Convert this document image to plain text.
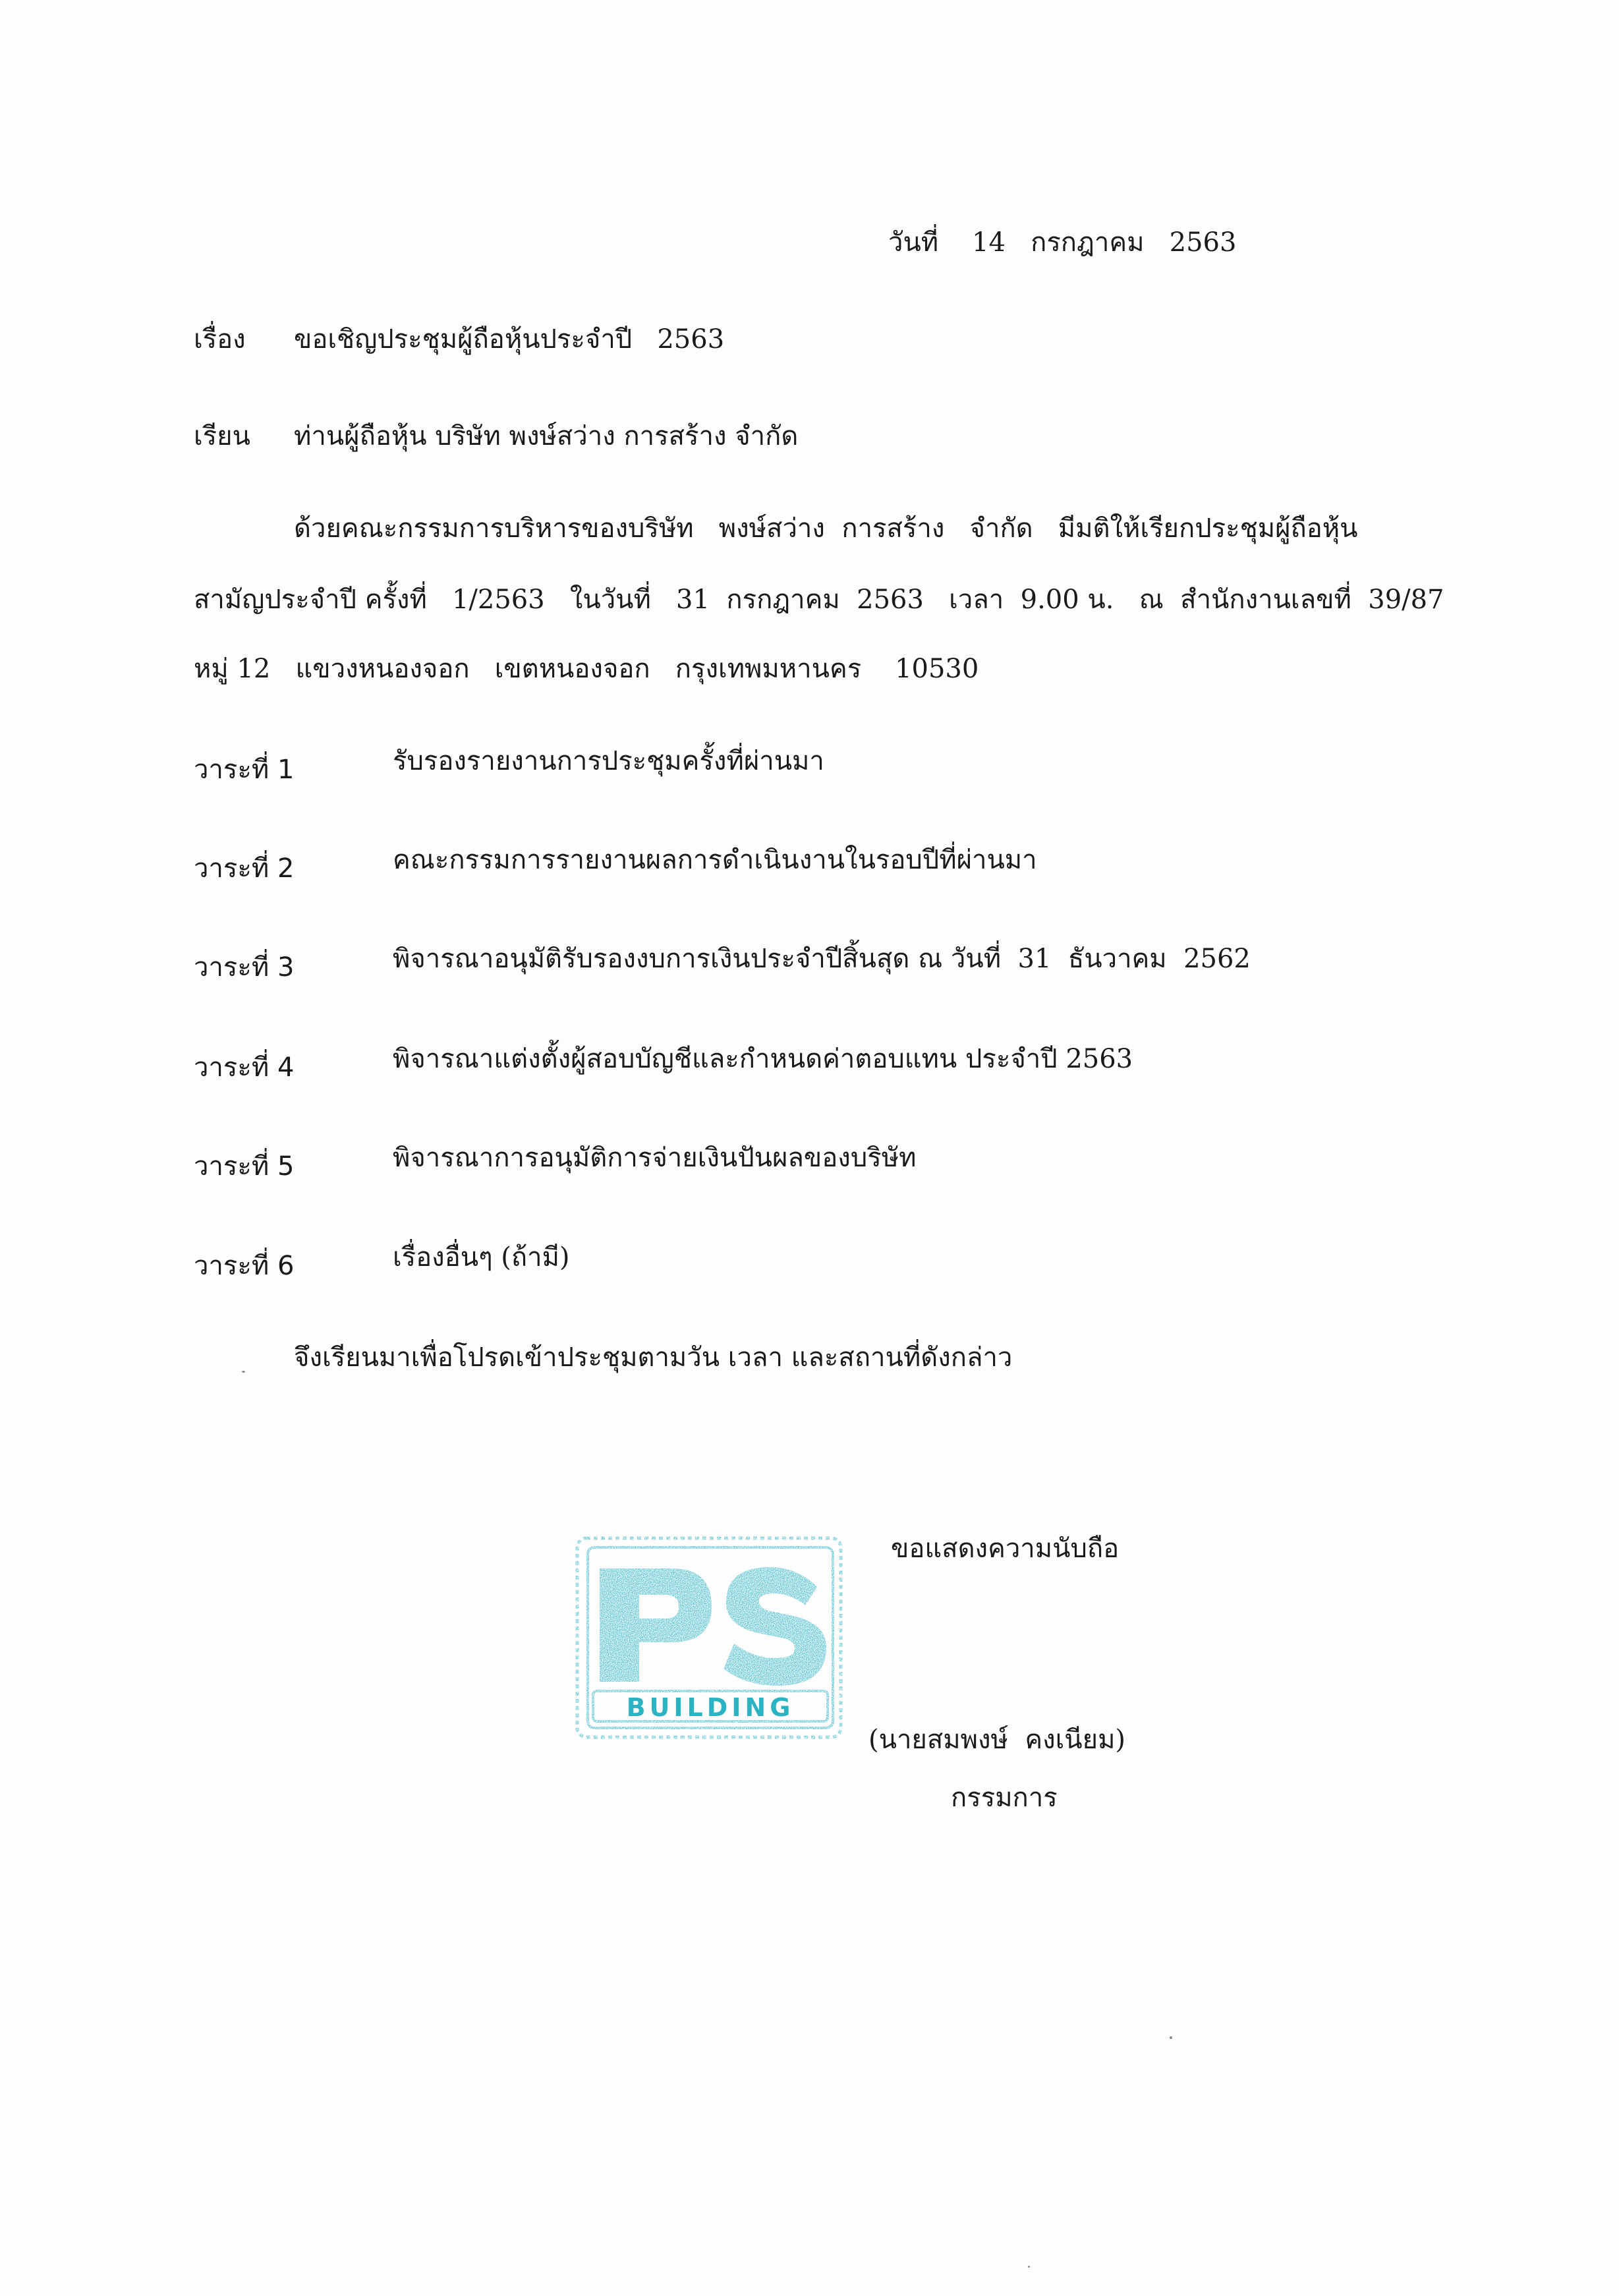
วันที่ 14 กรกฎาคม 2563
เรื่อง ขอเชิญประชุมผู้ถือหุ้นประจำปี 2563
เรียน ท่านผู้ถือหุ้น บริษัท พงษ์สว่าง การสร้าง จำกัด
ด้วยคณะกรรมการบริหารของบริษัท   พงษ์สว่าง  การสร้าง   จำกัด   มีมติให้เรียกประชุมผู้ถือหุ้น
สามัญประจำปี ครั้งที่   1/2563   ในวันที่   31  กรกฎาคม  2563   เวลา  9.00 น.   ณ  สำนักงานเลขที่  39/87
หมู่ 12   แขวงหนองจอก   เขตหนองจอก   กรุงเทพมหานคร    10530
วาระที่ 1	รับรองรายงานการประชุมครั้งที่ผ่านมา
วาระที่ 2	คณะกรรมการรายงานผลการดำเนินงานในรอบปีที่ผ่านมา
วาระที่ 3	พิจารณาอนุมัติรับรองงบการเงินประจำปีสิ้นสุด ณ วันที่  31  ธันวาคม  2562
วาระที่ 4	พิจารณาแต่งตั้งผู้สอบบัญชีและกำหนดค่าตอบแทน ประจำปี 2563
วาระที่ 5	พิจารณาการอนุมัติการจ่ายเงินปันผลของบริษัท
วาระที่ 6	เรื่องอื่นๆ (ถ้ามี)
จึงเรียนมาเพื่อโปรดเข้าประชุมตามวัน เวลา และสถานที่ดังกล่าว
ขอแสดงความนับถือ
BUILDING
(นายสมพงษ์  คงเนียม)
กรรมการ
